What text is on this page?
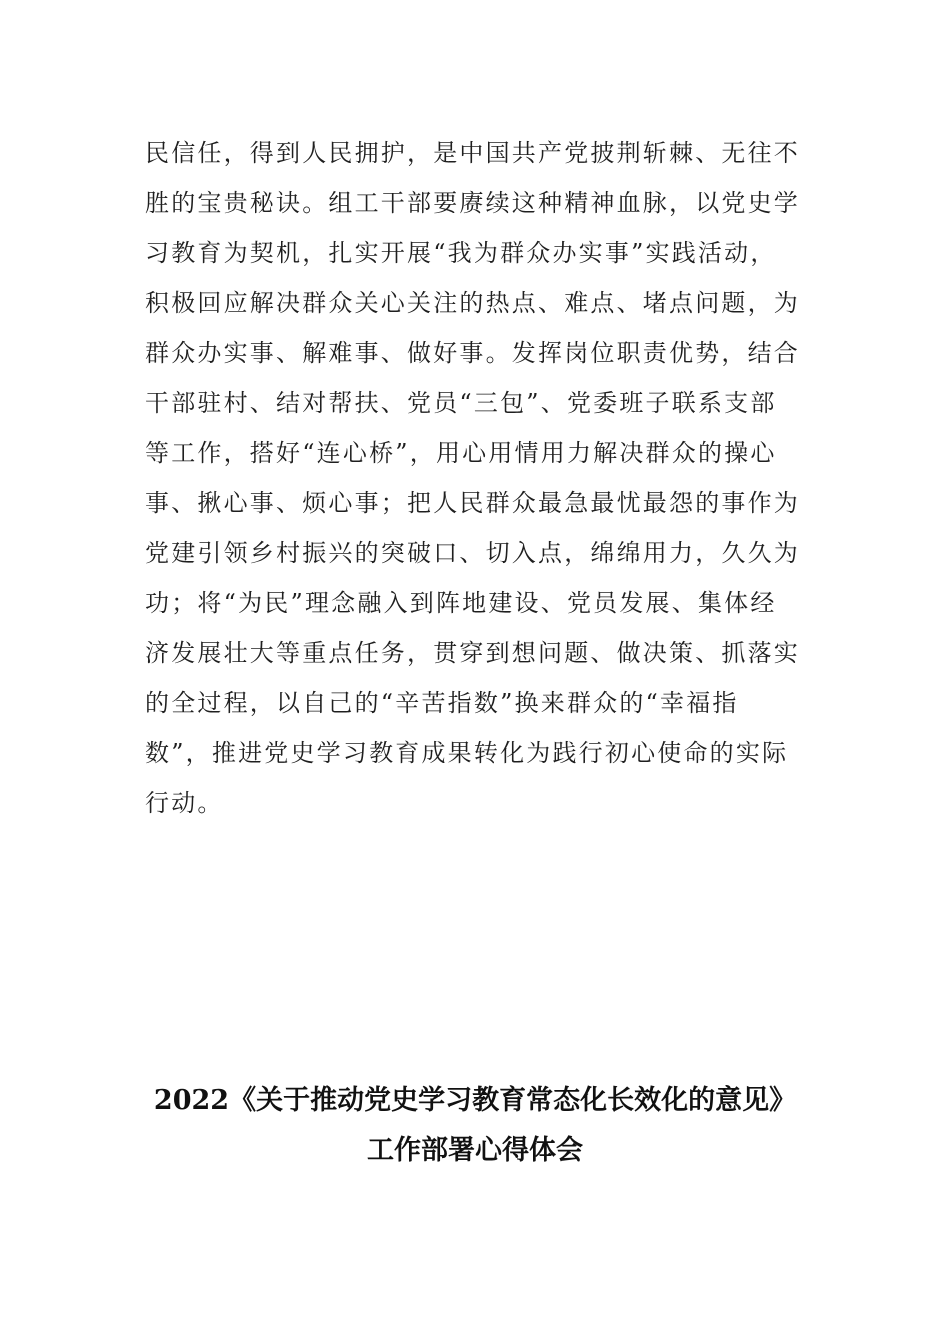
民信任，得到人民拥护，是中国共产党披荆斩棘、无往不
胜的宝贵秘诀。组工干部要赓续这种精神血脉，以党史学
习教育为契机，扎实开展“我为群众办实事”实践活动，
积极回应解决群众关心关注的热点、难点、堵点问题，为
群众办实事、解难事、做好事。发挥岗位职责优势，结合
干部驻村、结对帮扶、党员“三包”、党委班子联系支部
等工作，搭好“连心桥”，用心用情用力解决群众的操心
事、揪心事、烦心事；把人民群众最急最忧最怨的事作为
党建引领乡村振兴的突破口、切入点，绵绵用力，久久为
功；将“为民”理念融入到阵地建设、党员发展、集体经
济发展壮大等重点任务，贯穿到想问题、做决策、抓落实
的全过程，以自己的“辛苦指数”换来群众的“幸福指
数”，推进党史学习教育成果转化为践行初心使命的实际
行动。
2022《关于推动党史学习教育常态化长效化的意见》
工作部署心得体会
